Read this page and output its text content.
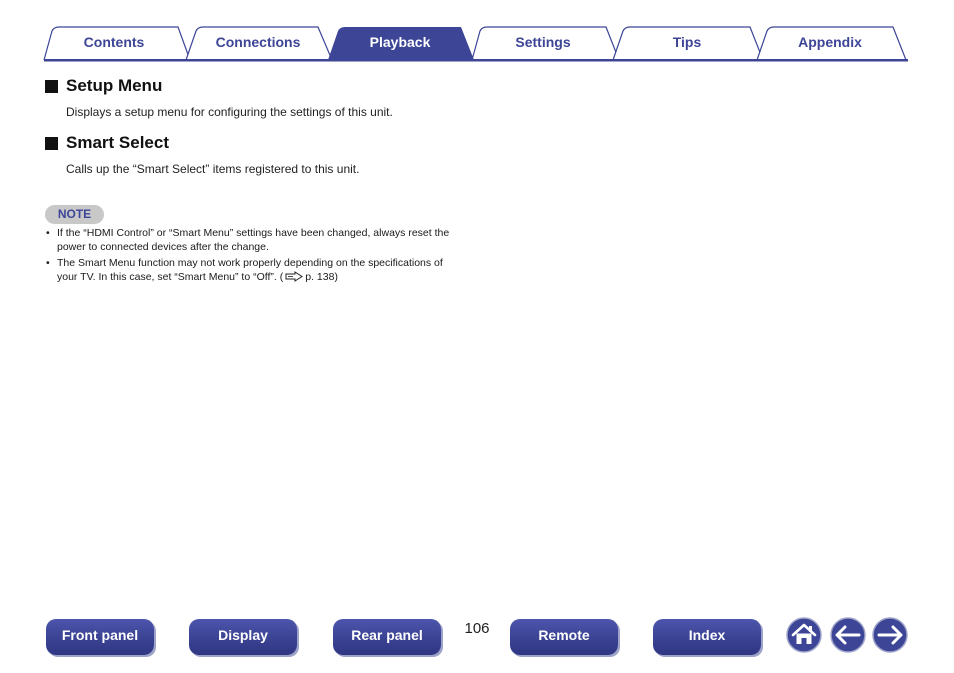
Contents	Connections	Playback	Settings	Tips	Appendix
Setup Menu

Displays a setup menu for configuring the settings of this unit.

Smart Select

Calls up the “Smart Select” items registered to this unit.

NOTE
• If the “HDMI Control” or “Smart Menu” settings have been changed, always reset the power to connected devices after the change.
• The Smart Menu function may not work properly depending on the specifications of your TV. In this case, set “Smart Menu” to “Off”. ( p. 138)
Front panel	Display	Rear panel	106	Remote	Index
